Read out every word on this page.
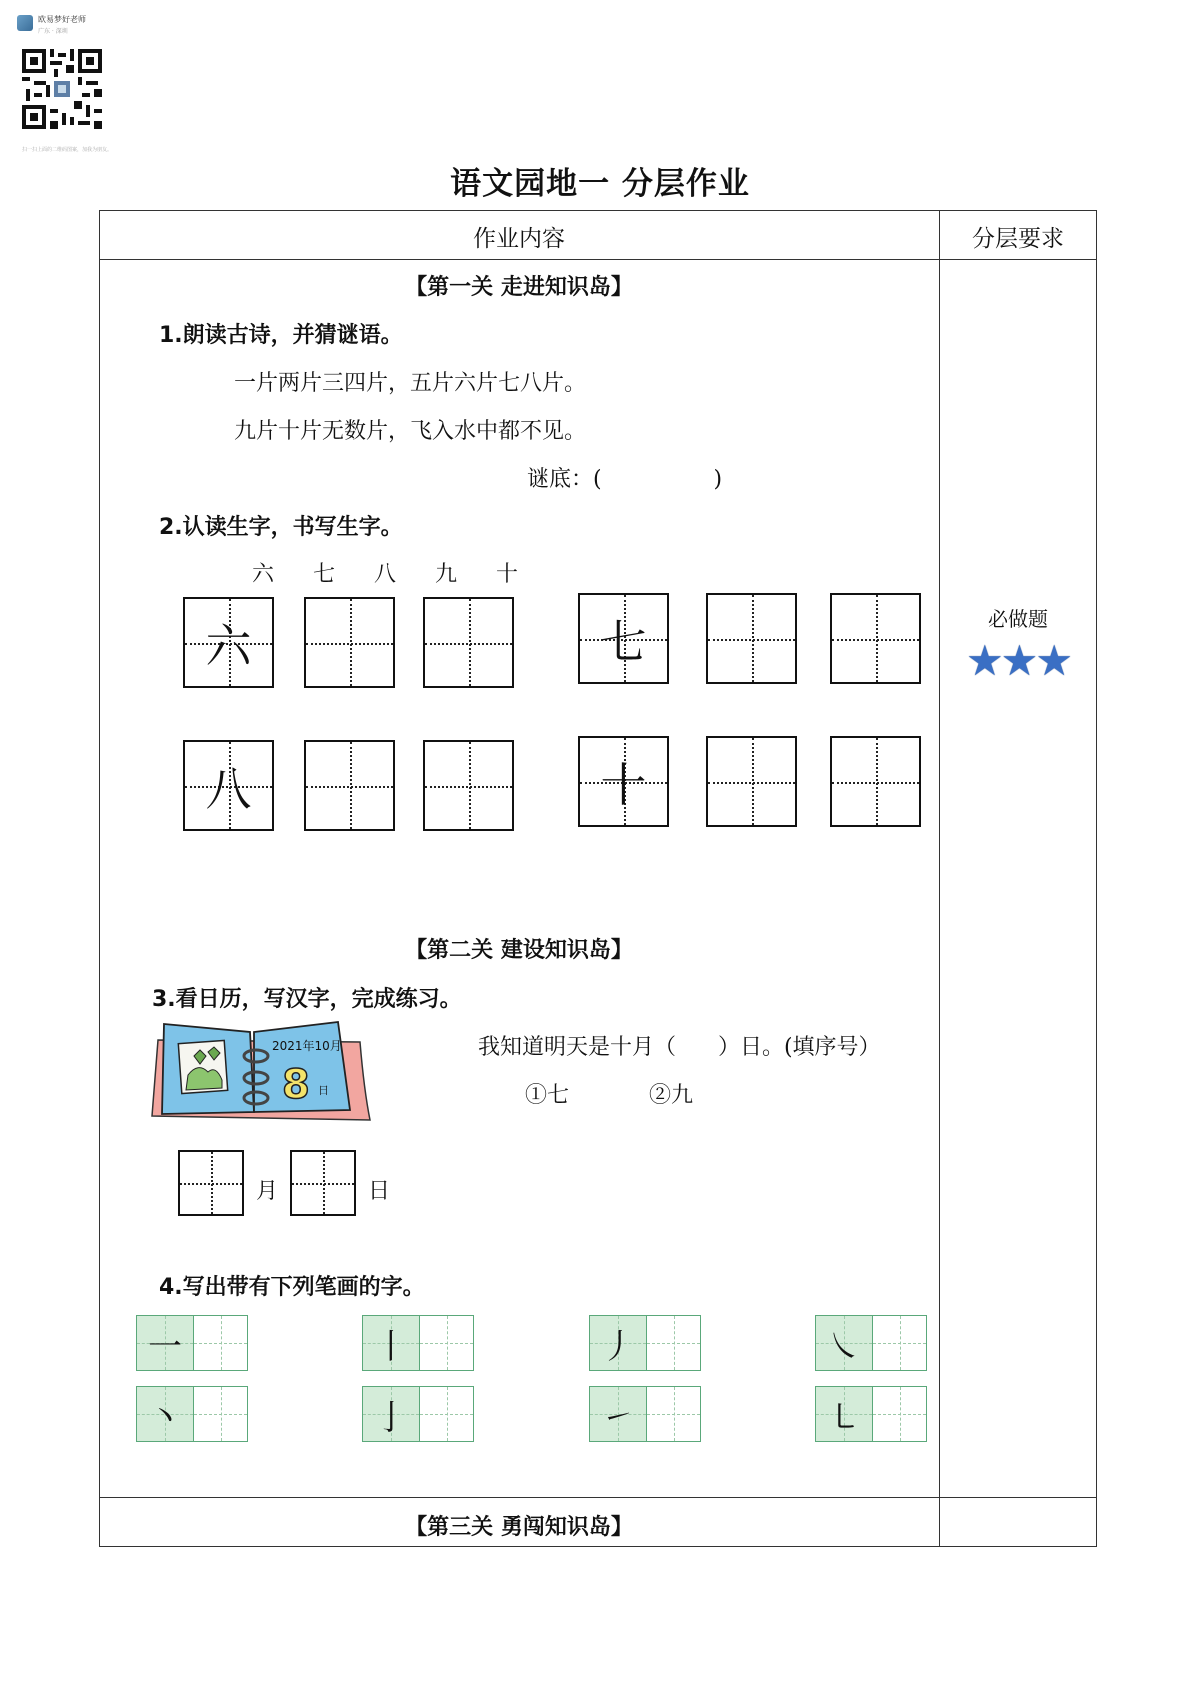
欧易梦好老师
广东 · 深圳
扫一扫上面的二维码图案，加我为朋友。
语文园地一 分层作业
作业内容	分层要求
【第一关 走进知识岛】
1.朗读古诗，并猜谜语。
一片两片三四片，五片六片七八片。
九片十片无数片，飞入水中都不见。
谜底：(                )
2.认读生字，书写生字。
六 七 八 九 十
六	七
八	十
必做题
★★★
【第二关 建设知识岛】
3.看日历，写汉字，完成练习。
2021年10月
8 日
我知道明天是十月（      ）日。(填序号）
①七	②九
月	日
4.写出带有下列笔画的字。
一	丨	丿	㇏
丶	亅	㇀	㇄
【第三关 勇闯知识岛】
